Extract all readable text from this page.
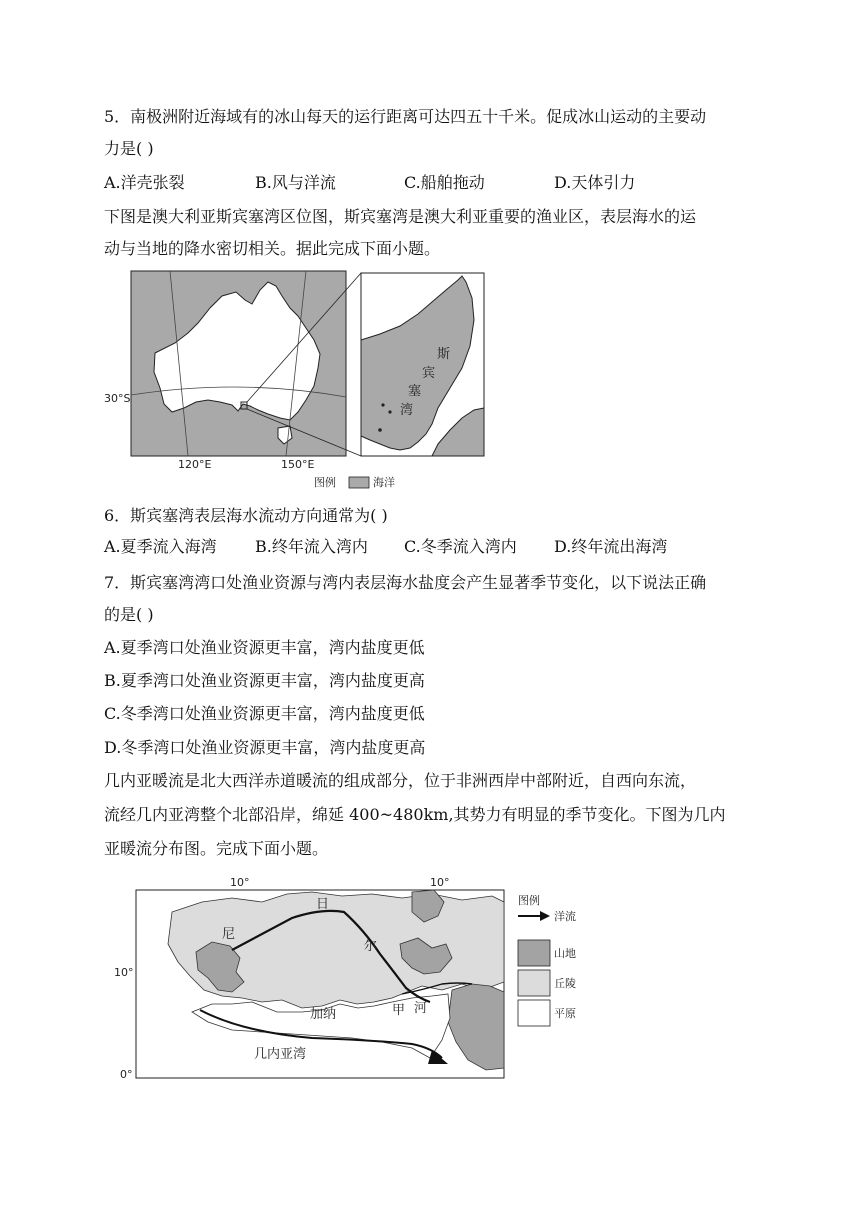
5．南极洲附近海域有的冰山每天的运行距离可达四五十千米。促成冰山运动的主要动
力是( )
A.洋壳张裂	B.风与洋流	C.船舶拖动	D.天体引力
下图是澳大利亚斯宾塞湾区位图，斯宾塞湾是澳大利亚重要的渔业区，表层海水的运
动与当地的降水密切相关。据此完成下面小题。
斯
宾
塞
湾
30°S
120°E	150°E
图例	海洋
6．斯宾塞湾表层海水流动方向通常为( )
A.夏季流入海湾 B.终年流入湾内 C.冬季流入湾内 D.终年流出海湾
7．斯宾塞湾湾口处渔业资源与湾内表层海水盐度会产生显著季节变化，以下说法正确
的是( )
A.夏季湾口处渔业资源更丰富，湾内盐度更低
B.夏季湾口处渔业资源更丰富，湾内盐度更高
C.冬季湾口处渔业资源更丰富，湾内盐度更低
D.冬季湾口处渔业资源更丰富，湾内盐度更高
几内亚暖流是北大西洋赤道暖流的组成部分，位于非洲西岸中部附近，自西向东流，
流经几内亚湾整个北部沿岸，绵延 400~480km,其势力有明显的季节变化。下图为几内
亚暖流分布图。完成下面小题。
10°	10°
10°
0°
日
尼
尔
加纳	甲 河
几内亚湾
图例
洋流
山地
丘陵
平原
